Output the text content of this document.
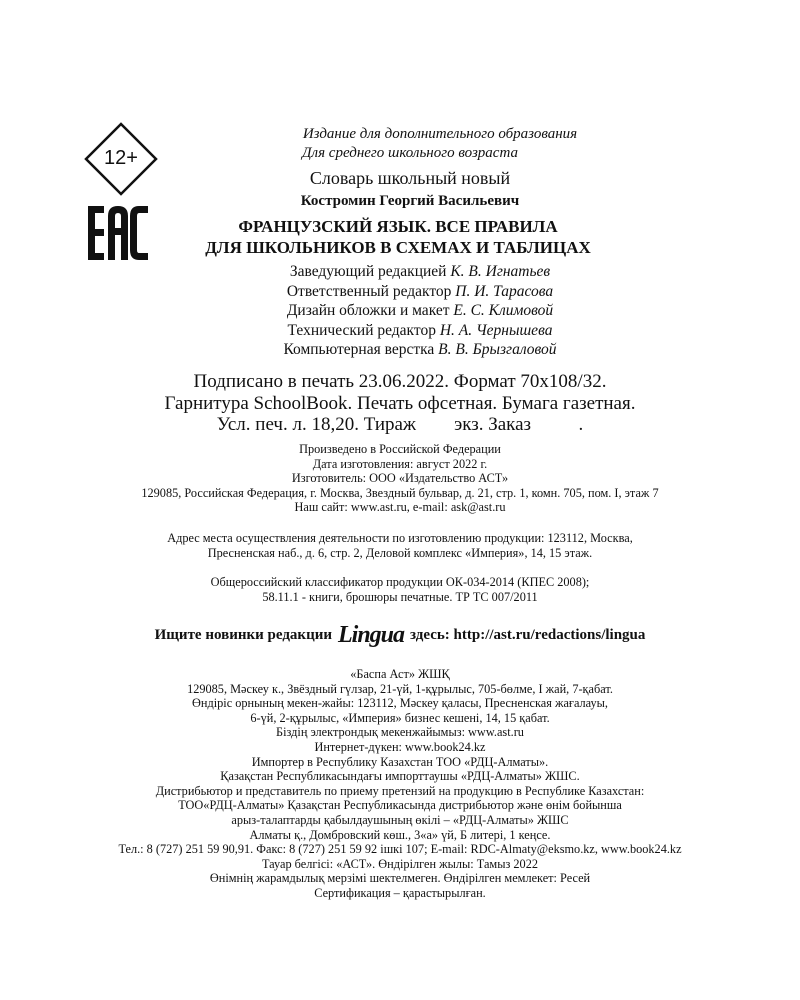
12+
Издание для дополнительного образования
Для среднего школьного возраста
Словарь школьный новый
Костромин Георгий Васильевич
ФРАНЦУЗСКИЙ ЯЗЫК. ВСЕ ПРАВИЛА
ДЛЯ ШКОЛЬНИКОВ В СХЕМАХ И ТАБЛИЦАХ
Заведующий редакцией К. В. Игнатьев
Ответственный редактор П. И. Тарасова
Дизайн обложки и макет Е. С. Климовой
Технический редактор Н. А. Чернышева
Компьютерная верстка В. В. Брызгаловой
Подписано в печать 23.06.2022. Формат 70х108/32.
Гарнитура SchoolBook. Печать офсетная. Бумага газетная.
Усл. печ. л. 18,20. Тираж        экз. Заказ          .
Произведено в Российской Федерации
Дата изготовления: август 2022 г.
Изготовитель: ООО «Издательство АСТ»
129085, Российская Федерация, г. Москва, Звездный бульвар, д. 21, стр. 1, комн. 705, пом. I, этаж 7
Наш сайт: www.ast.ru, e-mail: ask@ast.ru
Адрес места осуществления деятельности по изготовлению продукции: 123112, Москва,
Пресненская наб., д. 6, стр. 2, Деловой комплекс «Империя», 14, 15 этаж.
Общероссийский классификатор продукции ОК-034-2014 (КПЕС 2008);
58.11.1 - книги, брошюры печатные. ТР ТС 007/2011
Ищите новинки редакции Lingua здесь: http://ast.ru/redactions/lingua
«Баспа Аст» ЖШҚ
129085, Мәскеу к., Звёздный гүлзар, 21-үй, 1-құрылыс, 705-бөлме, I жай, 7-қабат.
Өндіріс орнының мекен-жайы: 123112, Мәскеу қаласы, Пресненская жағалауы,
6-үй, 2-құрылыс, «Империя» бизнес кешені, 14, 15 қабат.
Біздің электрондық мекенжайымыз: www.ast.ru
Интернет-дүкен: www.book24.kz
Импортер в Республику Казахстан ТОО «РДЦ-Алматы».
Қазақстан Республикасындағы импорттаушы «РДЦ-Алматы» ЖШС.
Дистрибьютор и представитель по приему претензий на продукцию в Республике Казахстан:
ТОО«РДЦ-Алматы» Қазақстан Республикасында дистрибьютор және өнім бойынша
арыз-талаптарды қабылдаушының өкілі – «РДЦ-Алматы» ЖШС
Алматы қ., Домбровский көш., 3«а» үй, Б литері, 1 кеңсе.
Тел.: 8 (727) 251 59 90,91. Факс: 8 (727) 251 59 92 ішкі 107; E-mail: RDC-Almaty@eksmo.kz, www.book24.kz
Тауар белгісі: «АСТ». Өндірілген жылы: Тамыз 2022
Өнімнің жарамдылық мерзімі шектелмеген. Өндірілген мемлекет: Ресей
Сертификация – қарастырылған.
